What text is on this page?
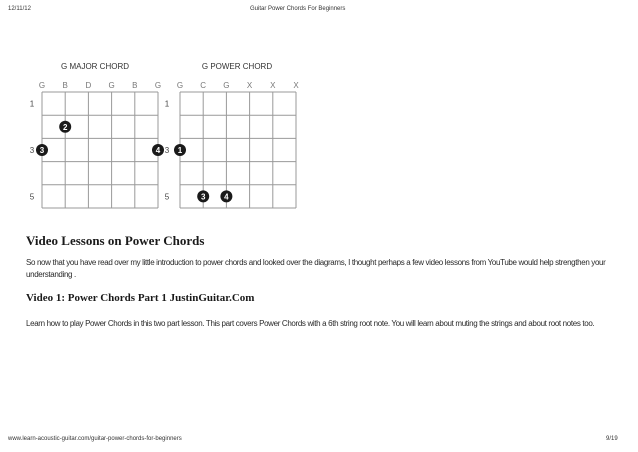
12/11/12	Guitar Power Chords For Beginners
G MAJOR CHORD
G B D G B G
1
3
5
2
3	4
G POWER CHORD
G C G X X X
1
3
5
1
3 4
Video Lessons on Power Chords
So now that you have read over my little introduction to power chords and looked over the diagrams, I thought perhaps a few video lessons from YouTube would help strengthen your understanding .
Video 1: Power Chords Part 1 JustinGuitar.Com
Learn how to play Power Chords in this two part lesson. This part covers Power Chords with a 6th string root note. You will learn about muting the strings and about root notes too.
www.learn-acoustic-guitar.com/guitar-power-chords-for-beginners	9/19
